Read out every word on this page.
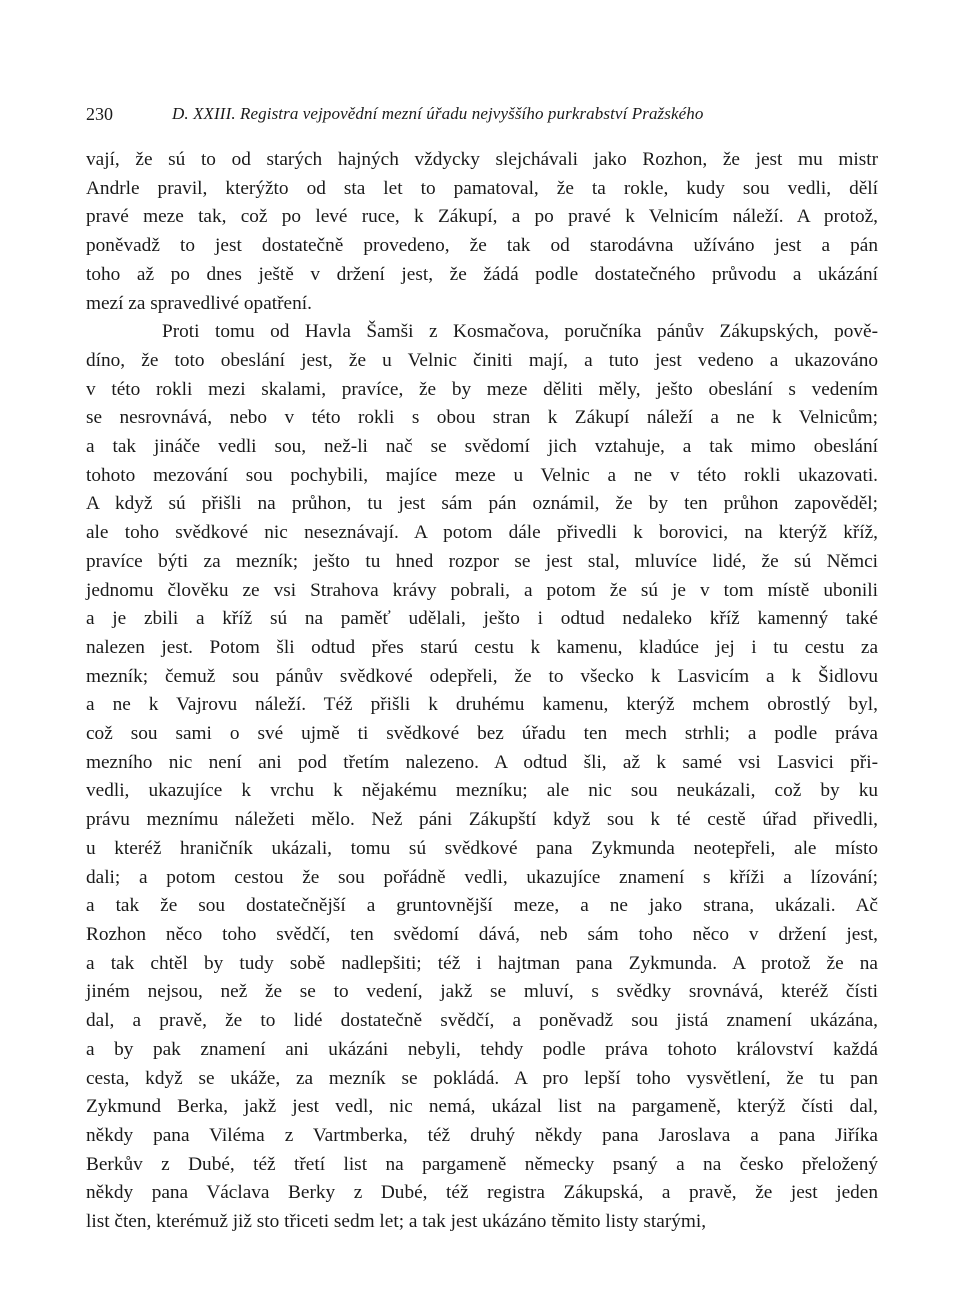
230	D. XXIII. Registra vejpovědní mezní úřadu nejvyššího purkrabství Pražského
vají, že sú to od starých hajných vždycky slejchávali jako Rozhon, že jest mu mistr
Andrle pravil, kterýžto od sta let to pamatoval, že ta rokle, kudy sou vedli, dělí
pravé meze tak, což po levé ruce, k Zákupí, a po pravé k Velnicím náleží. A protož,
poněvadž to jest dostatečně provedeno, že tak od starodávna užíváno jest a pán
toho až po dnes ještě v držení jest, že žádá podle dostatečného průvodu a ukázání
mezí za spravedlivé opatření.
Proti tomu od Havla Šamši z Kosmačova, poručníka pánův Zákupských, pově-
díno, že toto obeslání jest, že u Velnic činiti mají, a tuto jest vedeno a ukazováno
v této rokli mezi skalami, pravíce, že by meze děliti měly, ješto obeslání s vedením
se nesrovnává, nebo v této rokli s obou stran k Zákupí náleží a ne k Velnicům;
a tak jináče vedli sou, než-li nač se svědomí jich vztahuje, a tak mimo obeslání
tohoto mezování sou pochybili, majíce meze u Velnic a ne v této rokli ukazovati.
A když sú přišli na průhon, tu jest sám pán oznámil, že by ten průhon zapověděl;
ale toho svědkové nic neseznávají. A potom dále přivedli k borovici, na kterýž kříž,
pravíce býti za mezník; ješto tu hned rozpor se jest stal, mluvíce lidé, že sú Němci
jednomu člověku ze vsi Strahova krávy pobrali, a potom že sú je v tom místě ubonili
a je zbili a kříž sú na paměť udělali, ješto i odtud nedaleko kříž kamenný také
nalezen jest. Potom šli odtud přes starú cestu k kamenu, kladúce jej i tu cestu za
mezník; čemuž sou pánův svědkové odepřeli, že to všecko k Lasvicím a k Šidlovu
a ne k Vajrovu náleží. Též přišli k druhému kamenu, kterýž mchem obrostlý byl,
což sou sami o své ujmě ti svědkové bez úřadu ten mech strhli; a podle práva
mezního nic není ani pod třetím nalezeno. A odtud šli, až k samé vsi Lasvici při-
vedli, ukazujíce k vrchu k nějakému mezníku; ale nic sou neukázali, což by ku
právu meznímu náležeti mělo. Než páni Zákupští když sou k té cestě úřad přivedli,
u kteréž hraničník ukázali, tomu sú svědkové pana Zykmunda neotepřeli, ale místo
dali; a potom cestou že sou pořádně vedli, ukazujíce znamení s kříži a lízování;
a tak že sou dostatečnější a gruntovnější meze, a ne jako strana, ukázali. Ač
Rozhon něco toho svědčí, ten svědomí dává, neb sám toho něco v držení jest,
a tak chtěl by tudy sobě nadlepšiti; též i hajtman pana Zykmunda. A protož že na
jiném nejsou, než že se to vedení, jakž se mluví, s svědky srovnává, kteréž čísti
dal, a pravě, že to lidé dostatečně svědčí, a poněvadž sou jistá znamení ukázána,
a by pak znamení ani ukázáni nebyli, tehdy podle práva tohoto království každá
cesta, když se ukáže, za mezník se pokládá. A pro lepší toho vysvětlení, že tu pan
Zykmund Berka, jakž jest vedl, nic nemá, ukázal list na pargameně, kterýž čísti dal,
někdy pana Viléma z Vartmberka, též druhý někdy pana Jaroslava a pana Jiříka
Berkův z Dubé, též třetí list na pargameně německy psaný a na česko přeložený
někdy pana Václava Berky z Dubé, též registra Zákupská, a pravě, že jest jeden
list čten, kterémuž již sto třiceti sedm let; a tak jest ukázáno těmito listy starými,
